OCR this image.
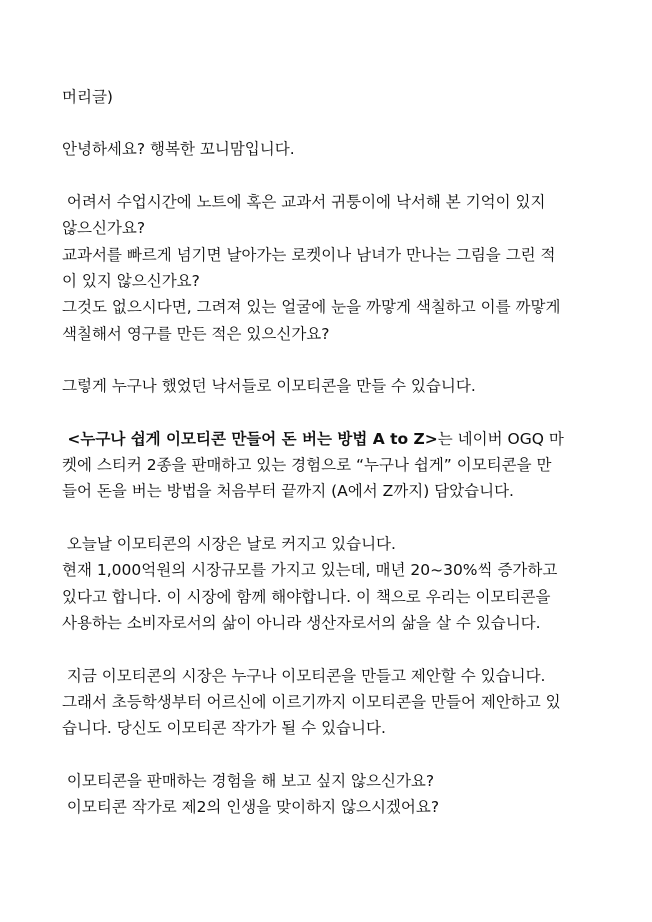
머리글)

안녕하세요? 행복한 꼬니맘입니다.

어려서 수업시간에 노트에 혹은 교과서 귀퉁이에 낙서해 본 기억이 있지
않으신가요?
교과서를 빠르게 넘기면 날아가는 로켓이나 남녀가 만나는 그림을 그린 적
이 있지 않으신가요?
그것도 없으시다면, 그려져 있는 얼굴에 눈을 까맣게 색칠하고 이를 까맣게
색칠해서 영구를 만든 적은 있으신가요?

그렇게 누구나 했었던 낙서들로 이모티콘을 만들 수 있습니다.

<누구나 쉽게 이모티콘 만들어 돈 버는 방법 A to Z>는 네이버 OGQ 마
켓에 스티커 2종을 판매하고 있는 경험으로 “누구나 쉽게” 이모티콘을 만
들어 돈을 버는 방법을 처음부터 끝까지 (A에서 Z까지) 담았습니다.

오늘날 이모티콘의 시장은 날로 커지고 있습니다.
현재 1,000억원의 시장규모를 가지고 있는데, 매년 20~30%씩 증가하고
있다고 합니다. 이 시장에 함께 해야합니다. 이 책으로 우리는 이모티콘을
사용하는 소비자로서의 삶이 아니라 생산자로서의 삶을 살 수 있습니다.

지금 이모티콘의 시장은 누구나 이모티콘을 만들고 제안할 수 있습니다.
그래서 초등학생부터 어르신에 이르기까지 이모티콘을 만들어 제안하고 있
습니다. 당신도 이모티콘 작가가 될 수 있습니다.

이모티콘을 판매하는 경험을 해 보고 싶지 않으신가요?
이모티콘 작가로 제2의 인생을 맞이하지 않으시겠어요?
